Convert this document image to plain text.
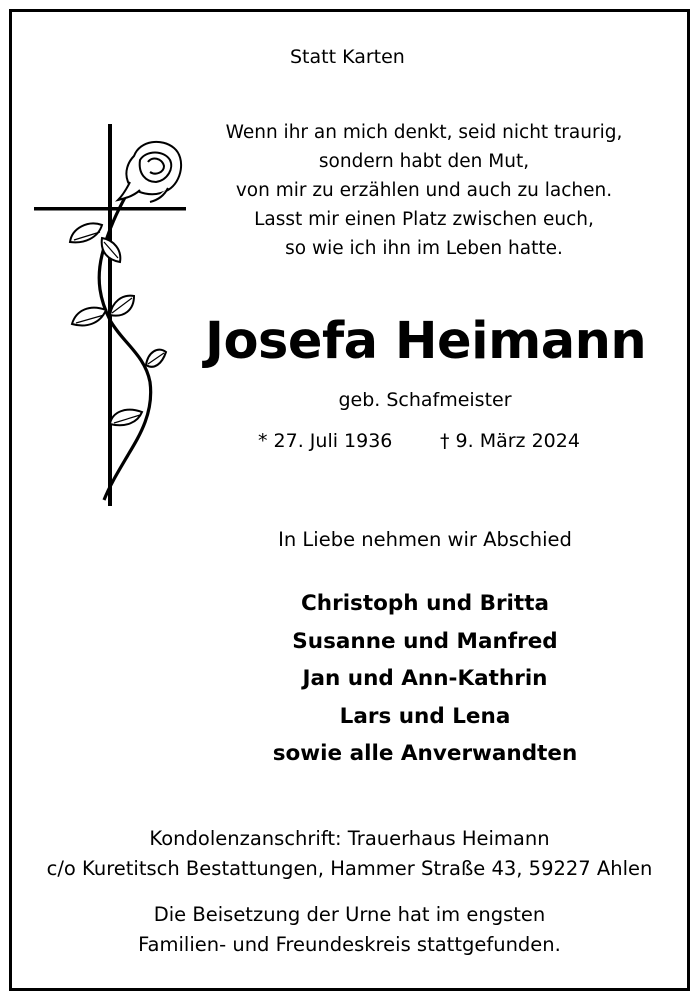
Statt Karten
Wenn ihr an mich denkt, seid nicht traurig,
sondern habt den Mut,
von mir zu erzählen und auch zu lachen.
Lasst mir einen Platz zwischen euch,
so wie ich ihn im Leben hatte.
Josefa Heimann
geb. Schafmeister
* 27. Juli 1936	† 9. März 2024
In Liebe nehmen wir Abschied
Christoph und Britta
Susanne und Manfred
Jan und Ann-Kathrin
Lars und Lena
sowie alle Anverwandten
Kondolenzanschrift: Trauerhaus Heimann
c/o Kuretitsch Bestattungen, Hammer Straße 43, 59227 Ahlen
Die Beisetzung der Urne hat im engsten
Familien- und Freundeskreis stattgefunden.
